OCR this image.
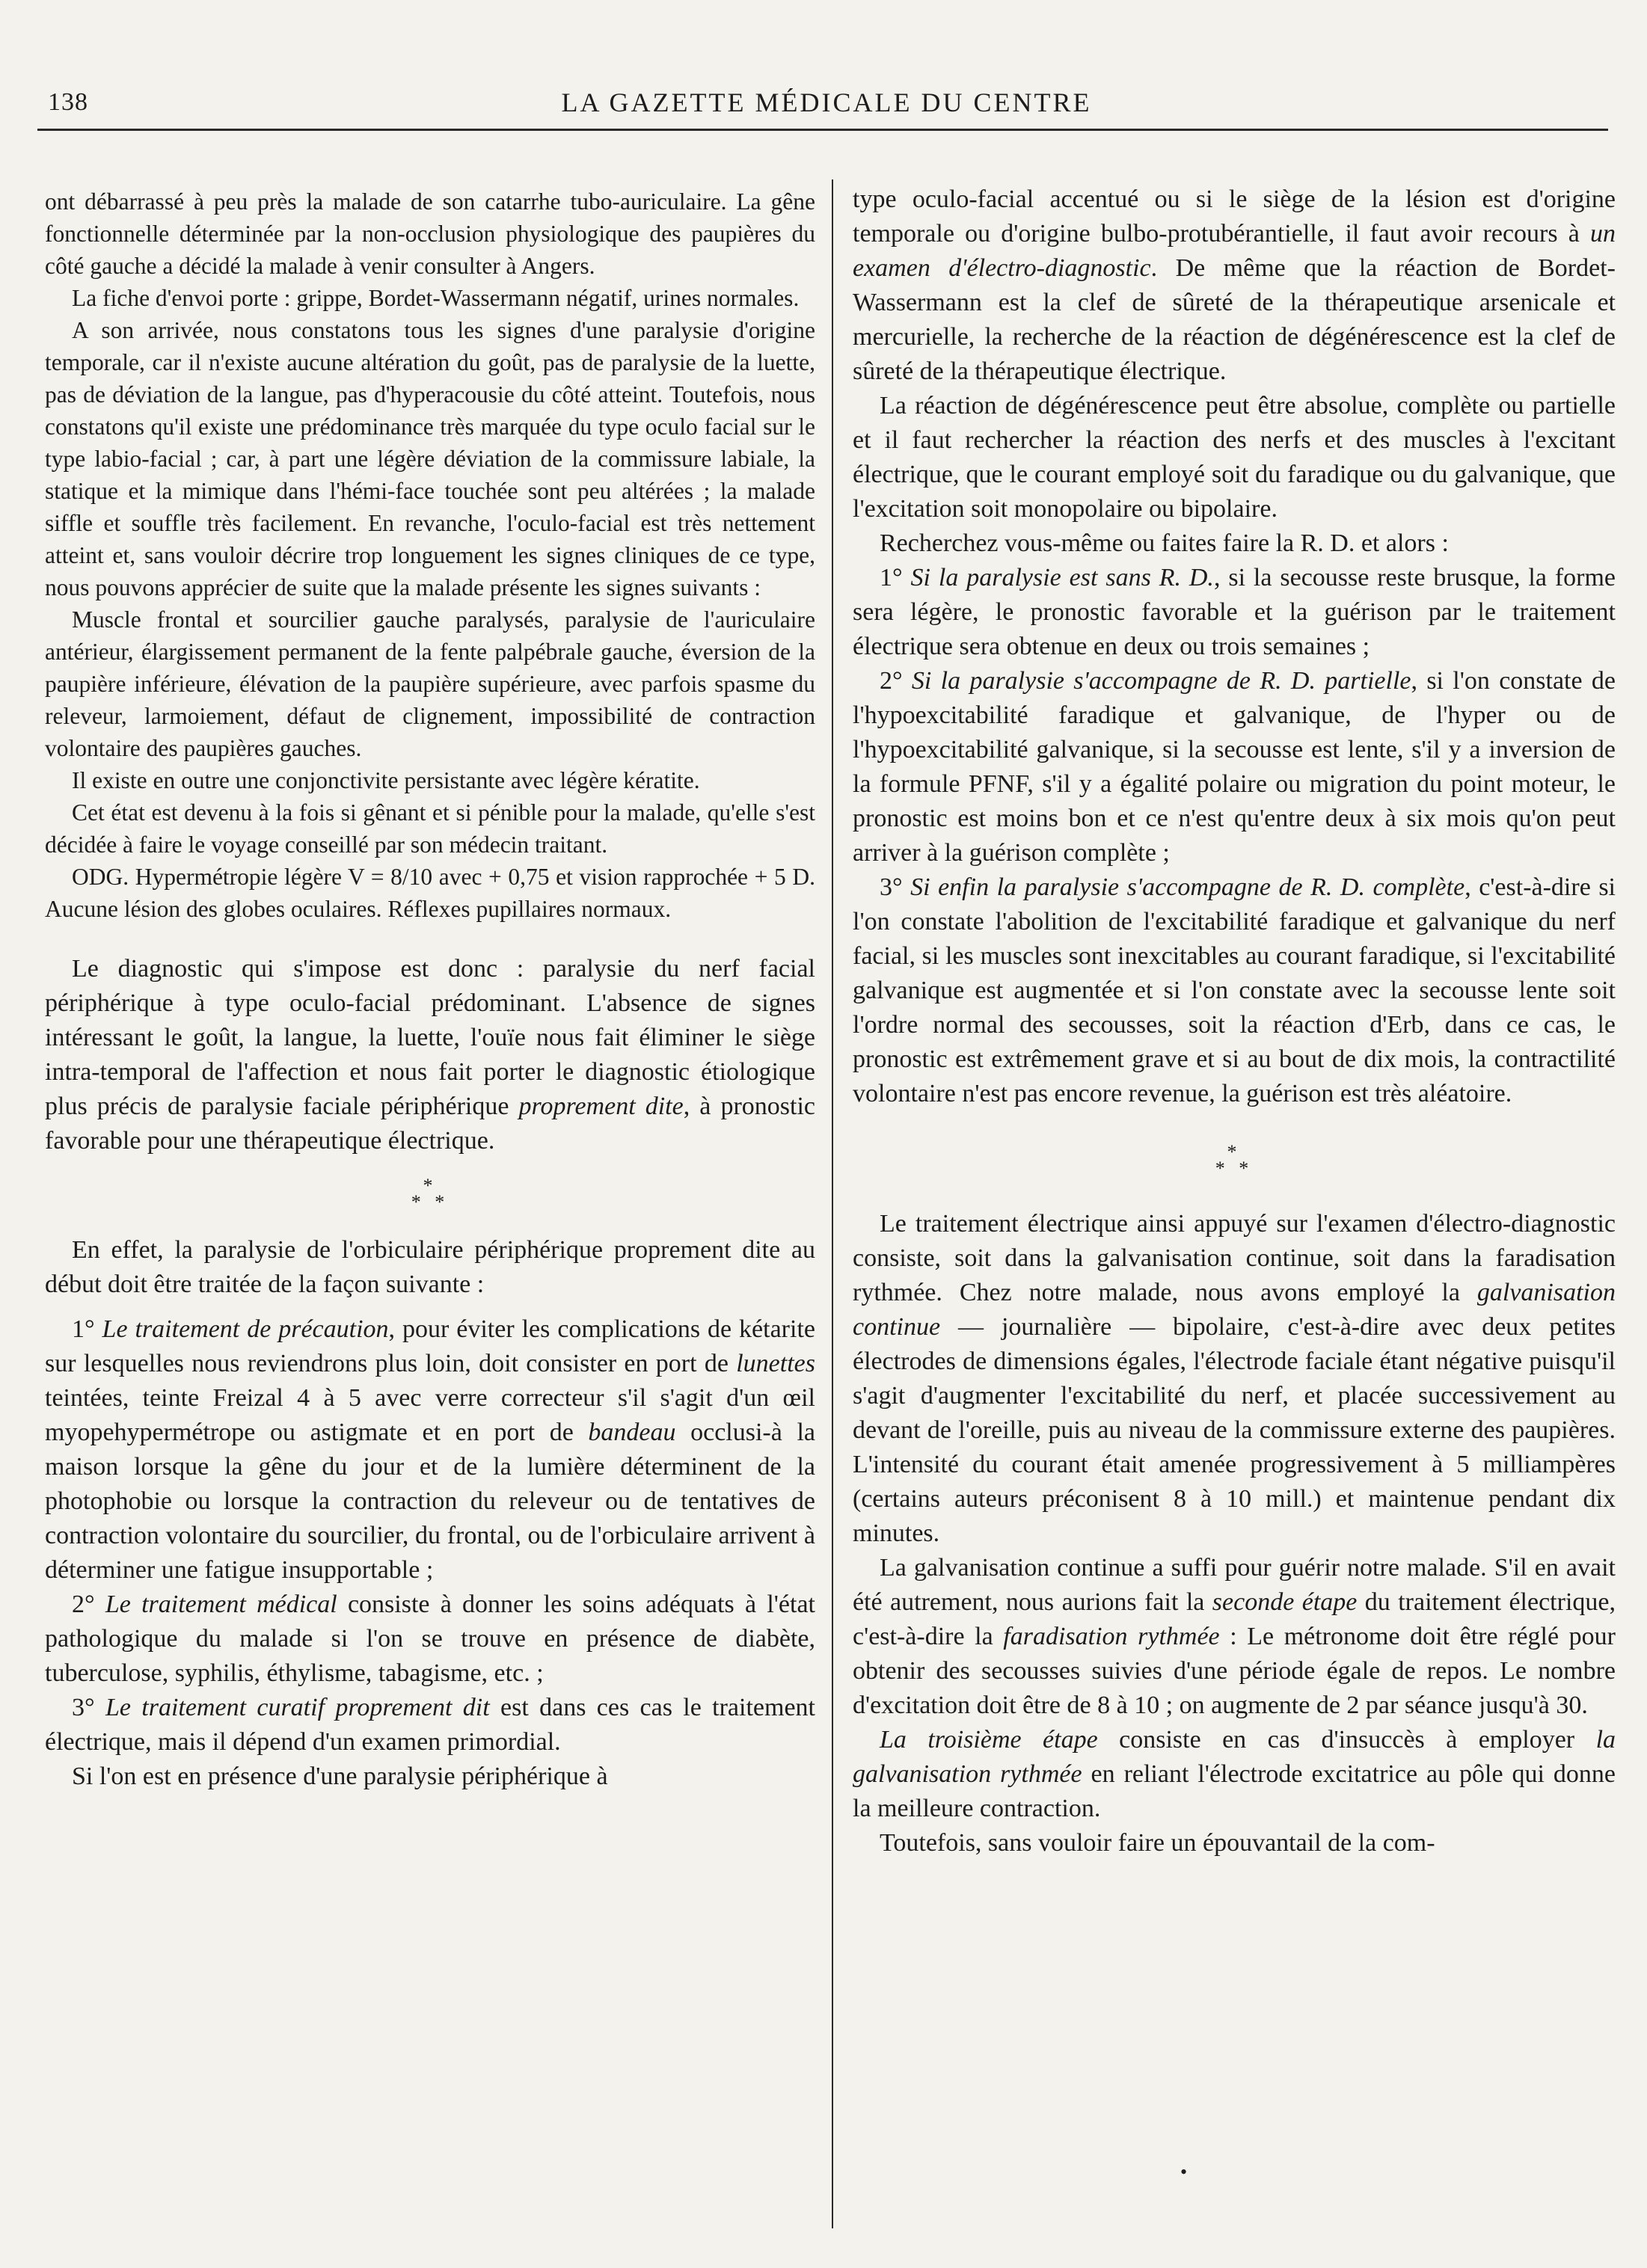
138	LA GAZETTE MÉDICALE DU CENTRE

ont débarrassé à peu près la malade de son catarrhe tubo-auriculaire. La gêne fonctionnelle déterminée par la non-occlusion physiologique des paupières du côté gauche a décidé la malade à venir consulter à Angers.

La fiche d'envoi porte : grippe, Bordet-Wassermann négatif, urines normales.

A son arrivée, nous constatons tous les signes d'une paralysie d'origine temporale, car il n'existe aucune altération du goût, pas de paralysie de la luette, pas de déviation de la langue, pas d'hyperacousie du côté atteint. Toutefois, nous constatons qu'il existe une prédominance très marquée du type oculo facial sur le type labio-facial ; car, à part une légère déviation de la commissure labiale, la statique et la mimique dans l'hémi-face touchée sont peu altérées ; la malade siffle et souffle très facilement. En revanche, l'oculo-facial est très nettement atteint et, sans vouloir décrire trop longuement les signes cliniques de ce type, nous pouvons apprécier de suite que la malade présente les signes suivants :

Muscle frontal et sourcilier gauche paralysés, paralysie de l'auriculaire antérieur, élargissement permanent de la fente palpébrale gauche, éversion de la paupière inférieure, élévation de la paupière supérieure, avec parfois spasme du releveur, larmoiement, défaut de clignement, impossibilité de contraction volontaire des paupières gauches.

Il existe en outre une conjonctivite persistante avec légère kératite.

Cet état est devenu à la fois si gênant et si pénible pour la malade, qu'elle s'est décidée à faire le voyage conseillé par son médecin traitant.

ODG. Hypermétropie légère V = 8/10 avec + 0,75 et vision rapprochée + 5 D. Aucune lésion des globes oculaires. Réflexes pupillaires normaux.

Le diagnostic qui s'impose est donc : paralysie du nerf facial périphérique à type oculo-facial prédominant. L'absence de signes intéressant le goût, la langue, la luette, l'ouïe nous fait éliminer le siège intra-temporal de l'affection et nous fait porter le diagnostic étiologique plus précis de paralysie faciale périphérique proprement dite, à pronostic favorable pour une thérapeutique électrique.

*
* *

En effet, la paralysie de l'orbiculaire périphérique proprement dite au début doit être traitée de la façon suivante :

1° Le traitement de précaution, pour éviter les complications de kétarite sur lesquelles nous reviendrons plus loin, doit consister en port de lunettes teintées, teinte Freizal 4 à 5 avec verre correcteur s'il s'agit d'un œil myopehypermétrope ou astigmate et en port de bandeau occlusi-à la maison lorsque la gêne du jour et de la lumière déterminent de la photophobie ou lorsque la contraction du releveur ou de tentatives de contraction volontaire du sourcilier, du frontal, ou de l'orbiculaire arrivent à déterminer une fatigue insupportable ;

2° Le traitement médical consiste à donner les soins adéquats à l'état pathologique du malade si l'on se trouve en présence de diabète, tuberculose, syphilis, éthylisme, tabagisme, etc. ;

3° Le traitement curatif proprement dit est dans ces cas le traitement électrique, mais il dépend d'un examen primordial.

Si l'on est en présence d'une paralysie périphérique à

type oculo-facial accentué ou si le siège de la lésion est d'origine temporale ou d'origine bulbo-protubérantielle, il faut avoir recours à un examen d'électro-diagnostic. De même que la réaction de Bordet-Wassermann est la clef de sûreté de la thérapeutique arsenicale et mercurielle, la recherche de la réaction de dégénérescence est la clef de sûreté de la thérapeutique électrique.

La réaction de dégénérescence peut être absolue, complète ou partielle et il faut rechercher la réaction des nerfs et des muscles à l'excitant électrique, que le courant employé soit du faradique ou du galvanique, que l'excitation soit monopolaire ou bipolaire.

Recherchez vous-même ou faites faire la R. D. et alors :

1° Si la paralysie est sans R. D., si la secousse reste brusque, la forme sera légère, le pronostic favorable et la guérison par le traitement électrique sera obtenue en deux ou trois semaines ;

2° Si la paralysie s'accompagne de R. D. partielle, si l'on constate de l'hypoexcitabilité faradique et galvanique, de l'hyper ou de l'hypoexcitabilité galvanique, si la secousse est lente, s'il y a inversion de la formule PFNF, s'il y a égalité polaire ou migration du point moteur, le pronostic est moins bon et ce n'est qu'entre deux à six mois qu'on peut arriver à la guérison complète ;

3° Si enfin la paralysie s'accompagne de R. D. complète, c'est-à-dire si l'on constate l'abolition de l'excitabilité faradique et galvanique du nerf facial, si les muscles sont inexcitables au courant faradique, si l'excitabilité galvanique est augmentée et si l'on constate avec la secousse lente soit l'ordre normal des secousses, soit la réaction d'Erb, dans ce cas, le pronostic est extrêmement grave et si au bout de dix mois, la contractilité volontaire n'est pas encore revenue, la guérison est très aléatoire.

*
* *

Le traitement électrique ainsi appuyé sur l'examen d'électro-diagnostic consiste, soit dans la galvanisation continue, soit dans la faradisation rythmée. Chez notre malade, nous avons employé la galvanisation continue — journalière — bipolaire, c'est-à-dire avec deux petites électrodes de dimensions égales, l'électrode faciale étant négative puisqu'il s'agit d'augmenter l'excitabilité du nerf, et placée successivement au devant de l'oreille, puis au niveau de la commissure externe des paupières. L'intensité du courant était amenée progressivement à 5 milliampères (certains auteurs préconisent 8 à 10 mill.) et maintenue pendant dix minutes.

La galvanisation continue a suffi pour guérir notre malade. S'il en avait été autrement, nous aurions fait la seconde étape du traitement électrique, c'est-à-dire la faradisation rythmée : Le métronome doit être réglé pour obtenir des secousses suivies d'une période égale de repos. Le nombre d'excitation doit être de 8 à 10 ; on augmente de 2 par séance jusqu'à 30.

La troisième étape consiste en cas d'insuccès à employer la galvanisation rythmée en reliant l'électrode excitatrice au pôle qui donne la meilleure contraction.

Toutefois, sans vouloir faire un épouvantail de la com-

•
